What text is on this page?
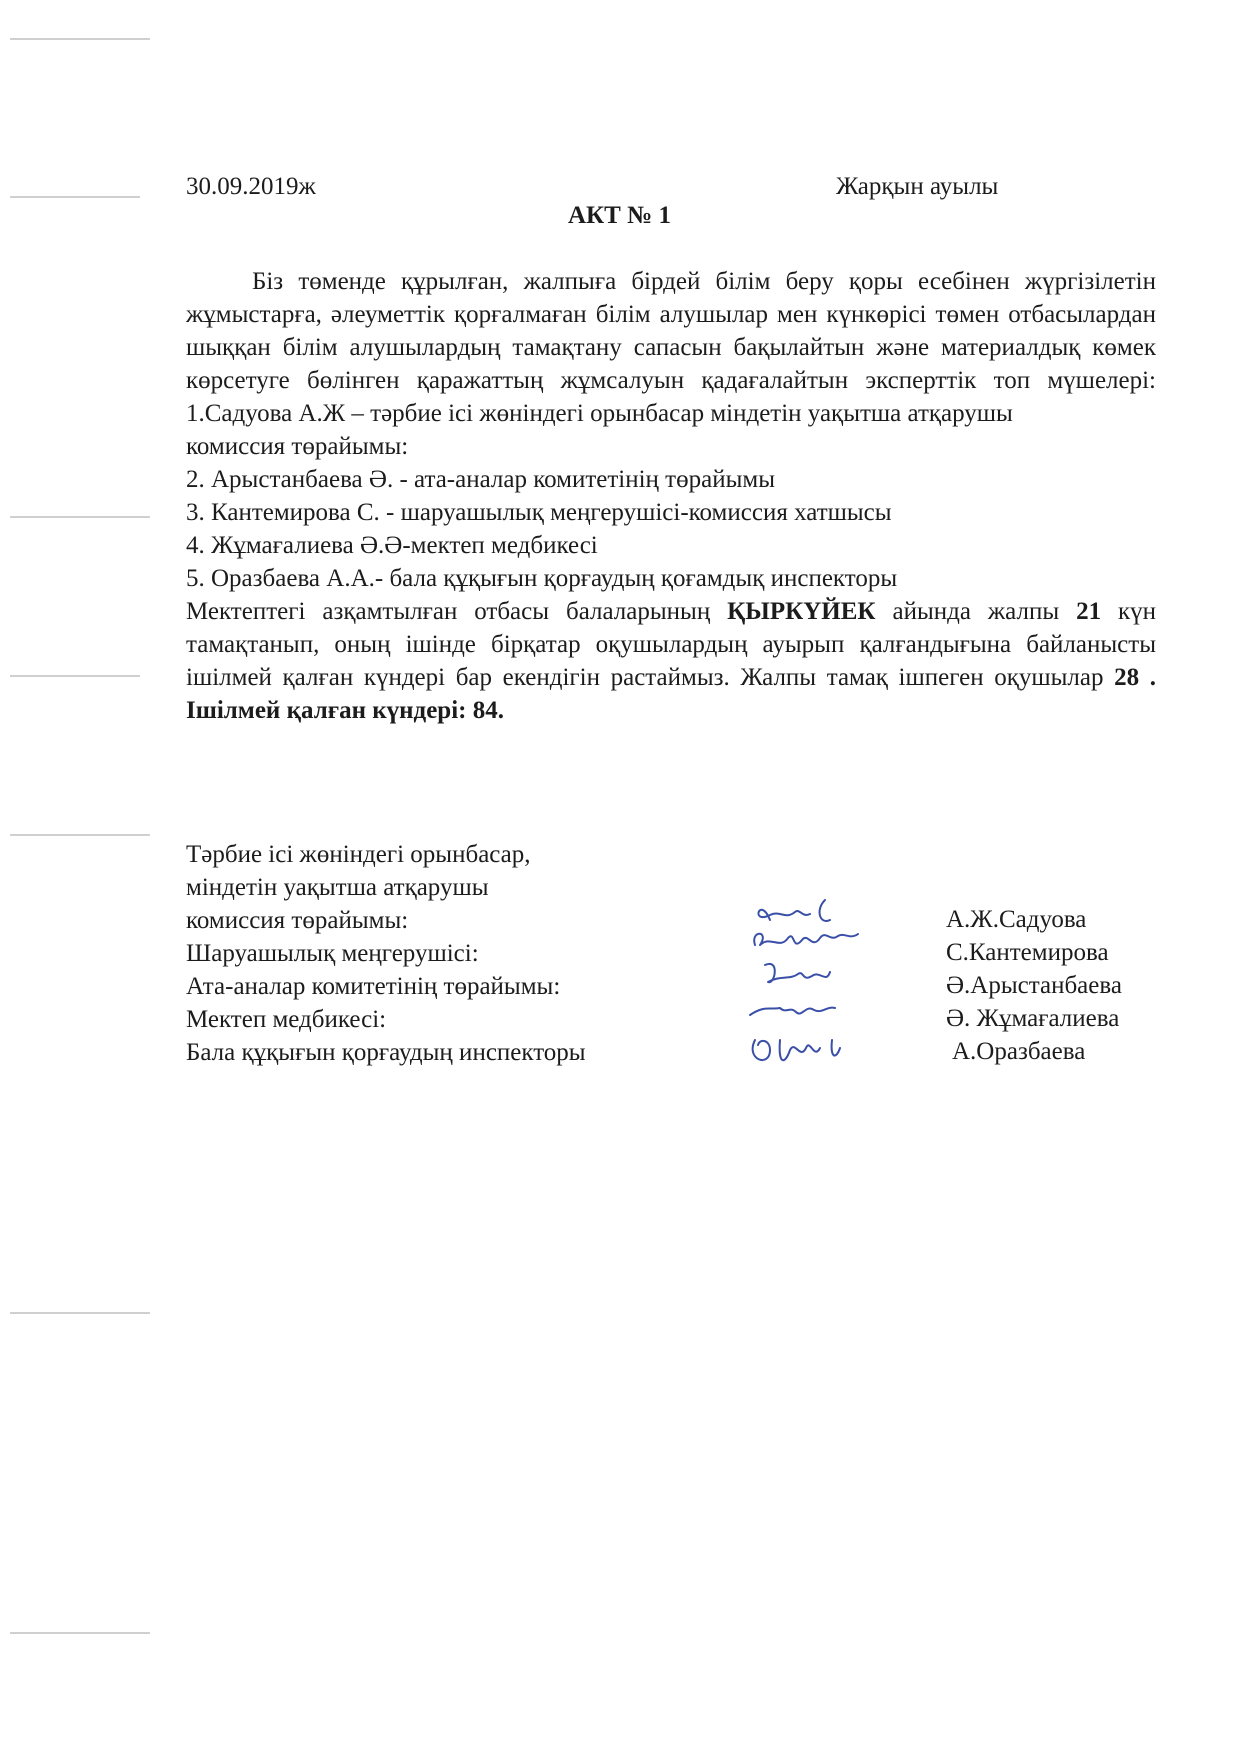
30.09.2019ж	Жарқын ауылы
АКТ № 1
Біз төменде құрылған, жалпыға бірдей білім беру қоры есебінен жүргізілетін жұмыстарға, әлеуметтік қорғалмаған білім алушылар мен күнкөрісі төмен отбасылардан шыққан білім алушылардың тамақтану сапасын бақылайтын және материалдық көмек көрсетуге бөлінген қаражаттың жұмсалуын қадағалайтын эксперттік топ мүшелері:
1.Садуова А.Ж – тәрбие ісі жөніндегі орынбасар міндетін уақытша атқарушы
комиссия төрайымы:
2. Арыстанбаева Ә. - ата-аналар комитетінің төрайымы
3. Кантемирова С. - шаруашылық меңгерушісі-комиссия хатшысы
4. Жұмағалиева Ә.Ә-мектеп медбикесі
5. Оразбаева А.А.- бала құқығын қорғаудың қоғамдық инспекторы
Мектептегі азқамтылған отбасы балаларының ҚЫРКҮЙЕК айында жалпы 21 күн тамақтанып, оның ішінде бірқатар оқушылардың ауырып қалғандығына байланысты ішілмей қалған күндері бар екендігін растаймыз. Жалпы тамақ ішпеген оқушылар 28 . Ішілмей қалған күндері: 84.
Тәрбие ісі жөніндегі орынбасар,
міндетін уақытша атқарушы
комиссия төрайымы:
Шаруашылық меңгерушісі:
Ата-аналар комитетінің төрайымы:
Мектеп медбикесі:
Бала құқығын қорғаудың инспекторы
А.Ж.Садуова
С.Кантемирова
Ә.Арыстанбаева
Ә. Жұмағалиева
А.Оразбаева
